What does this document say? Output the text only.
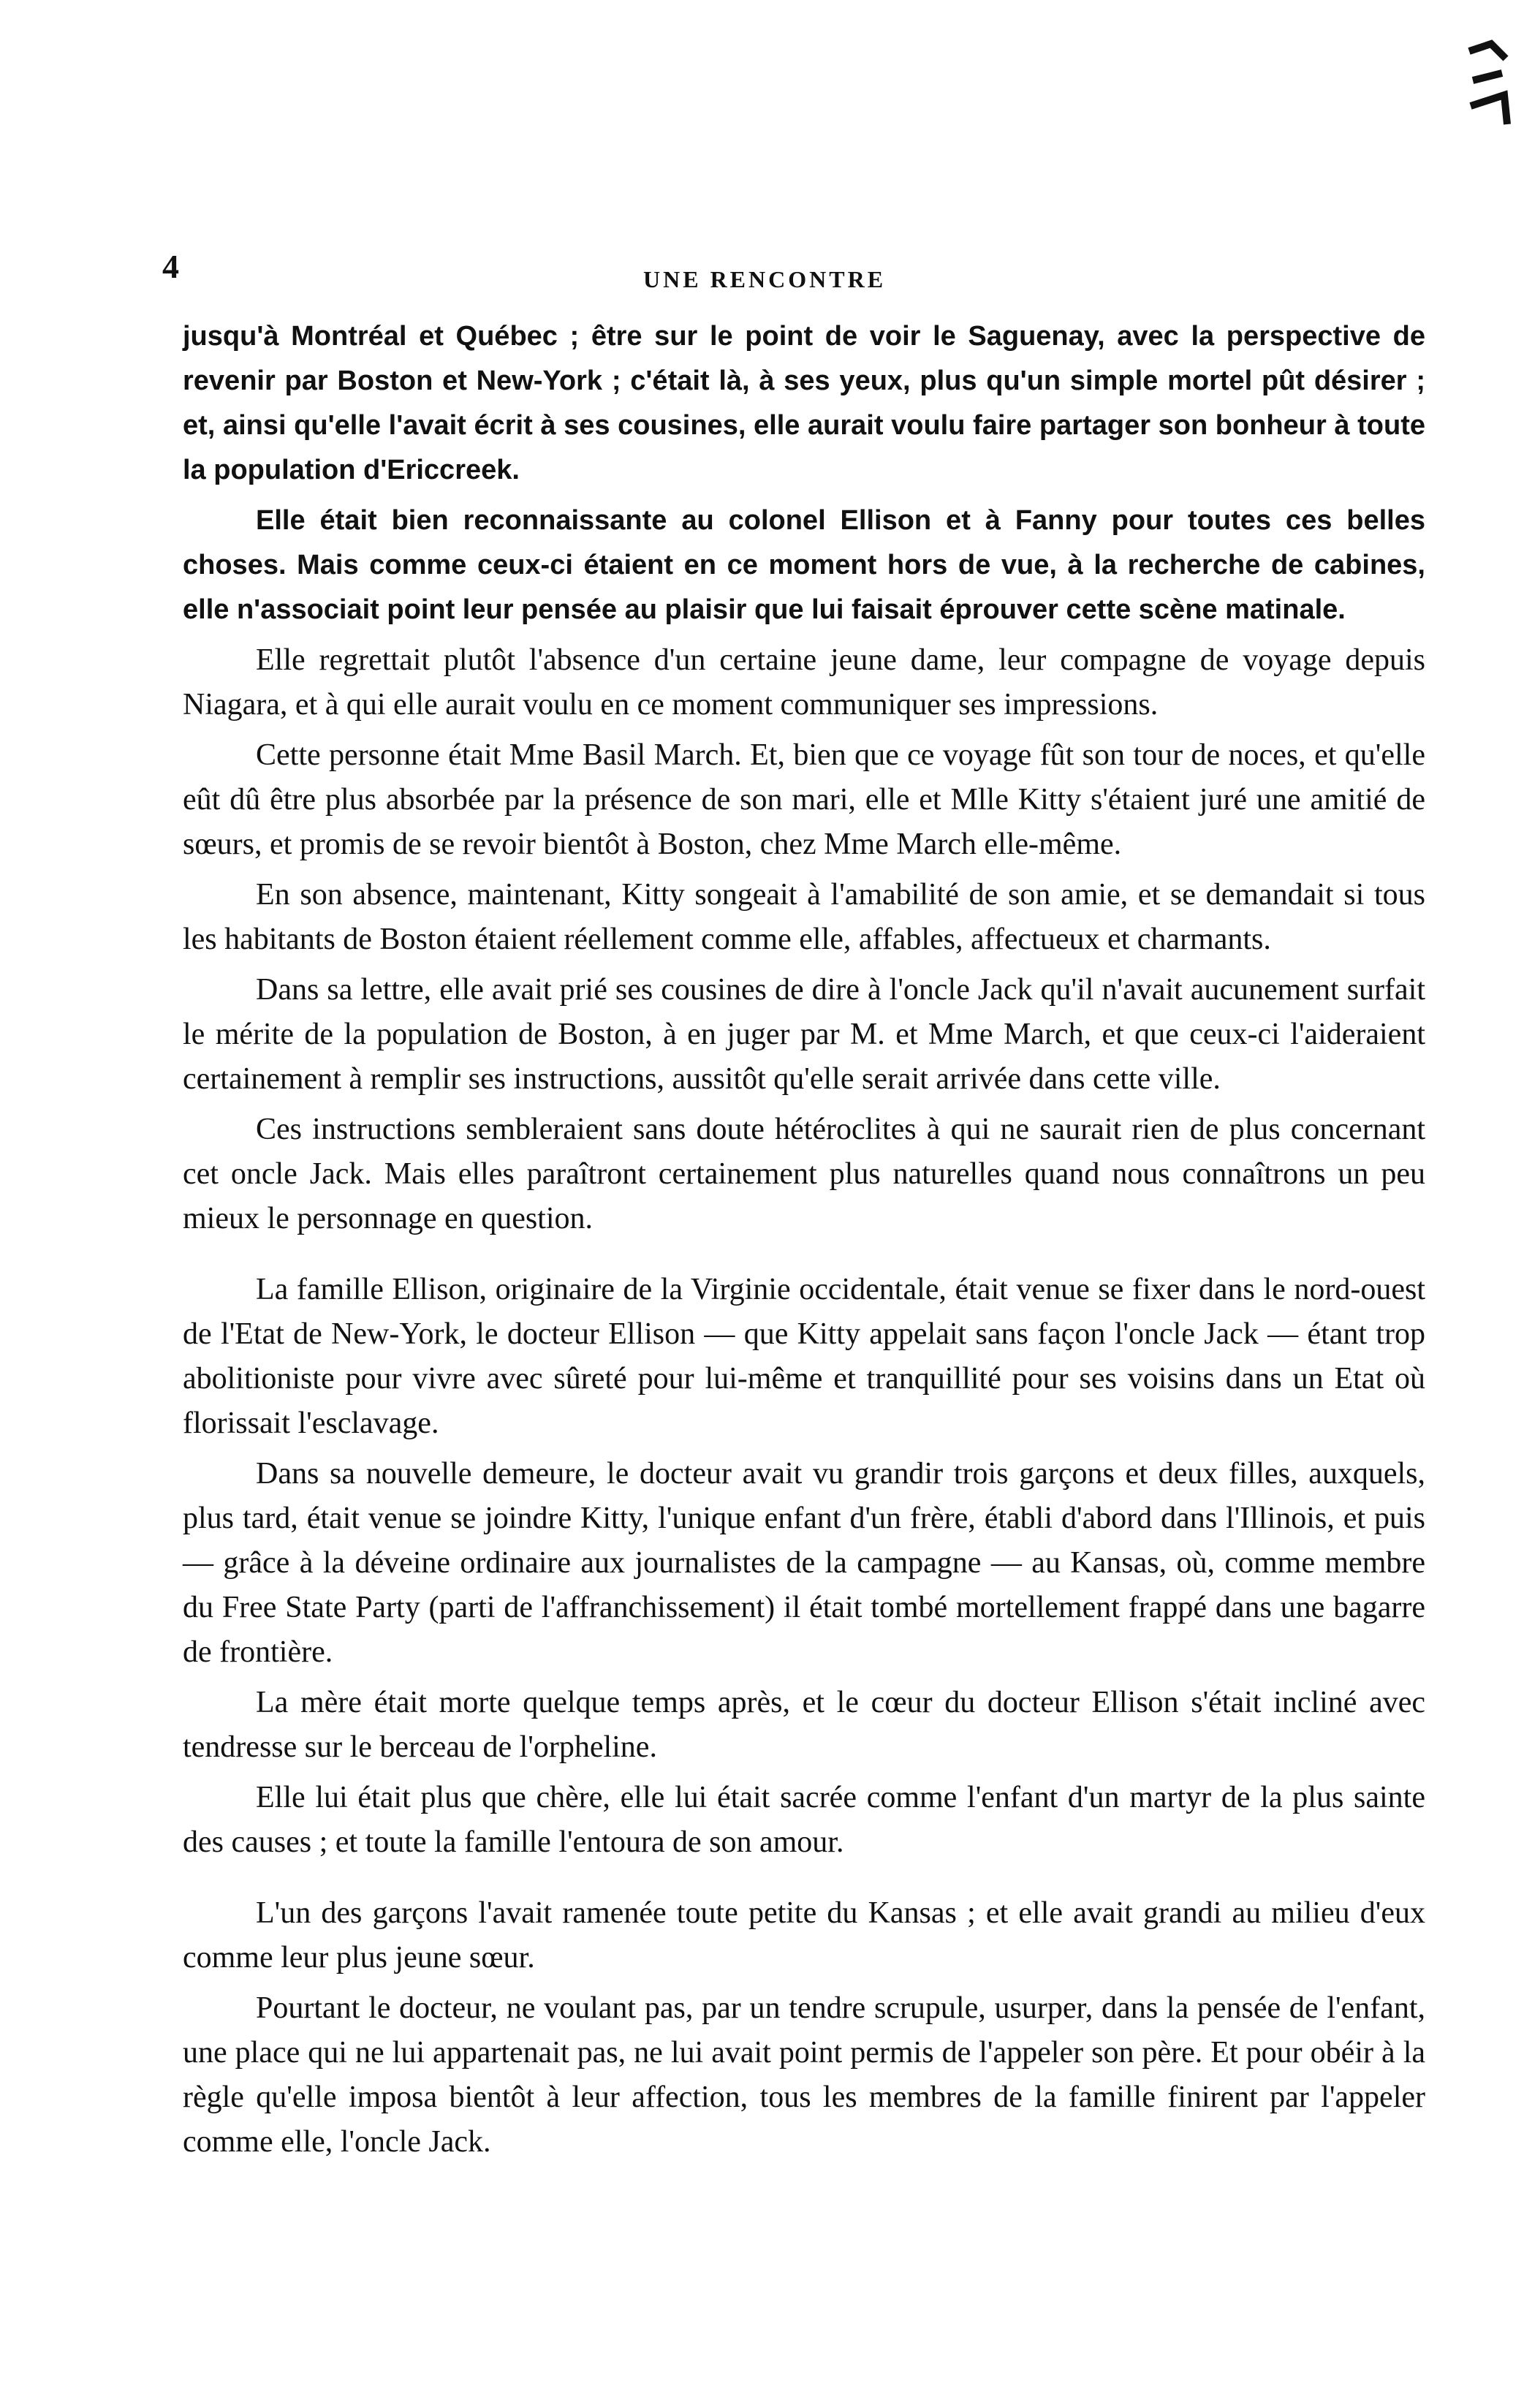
4	UNE RENCONTRE

jusqu'à Montréal et Québec ; être sur le point de voir le Saguenay, avec la perspective de revenir par Boston et New-York ; c'était là, à ses yeux, plus qu'un simple mortel pût désirer ; et, ainsi qu'elle l'avait écrit à ses cousines, elle aurait voulu faire partager son bonheur à toute la population d'Ericcreek.

Elle était bien reconnaissante au colonel Ellison et à Fanny pour toutes ces belles choses. Mais comme ceux-ci étaient en ce moment hors de vue, à la recherche de cabines, elle n'associait point leur pensée au plaisir que lui faisait éprouver cette scène matinale.

Elle regrettait plutôt l'absence d'un certaine jeune dame, leur compagne de voyage depuis Niagara, et à qui elle aurait voulu en ce moment communiquer ses impressions.

Cette personne était Mme Basil March. Et, bien que ce voyage fût son tour de noces, et qu'elle eût dû être plus absorbée par la présence de son mari, elle et Mlle Kitty s'étaient juré une amitié de sœurs, et promis de se revoir bientôt à Boston, chez Mme March elle-même.

En son absence, maintenant, Kitty songeait à l'amabilité de son amie, et se demandait si tous les habitants de Boston étaient réellement comme elle, affables, affectueux et charmants.

Dans sa lettre, elle avait prié ses cousines de dire à l'oncle Jack qu'il n'avait aucunement surfait le mérite de la population de Boston, à en juger par M. et Mme March, et que ceux-ci l'aideraient certainement à remplir ses instructions, aussitôt qu'elle serait arrivée dans cette ville.

Ces instructions sembleraient sans doute hétéroclites à qui ne saurait rien de plus concernant cet oncle Jack. Mais elles paraîtront certainement plus naturelles quand nous connaîtrons un peu mieux le personnage en question.

La famille Ellison, originaire de la Virginie occidentale, était venue se fixer dans le nord-ouest de l'Etat de New-York, le docteur Ellison — que Kitty appelait sans façon l'oncle Jack — étant trop abolitioniste pour vivre avec sûreté pour lui-même et tranquillité pour ses voisins dans un Etat où florissait l'esclavage.

Dans sa nouvelle demeure, le docteur avait vu grandir trois garçons et deux filles, auxquels, plus tard, était venue se joindre Kitty, l'unique enfant d'un frère, établi d'abord dans l'Illinois, et puis — grâce à la déveine ordinaire aux journalistes de la campagne — au Kansas, où, comme membre du Free State Party (parti de l'affranchissement) il était tombé mortellement frappé dans une bagarre de frontière.

La mère était morte quelque temps après, et le cœur du docteur Ellison s'était incliné avec tendresse sur le berceau de l'orpheline.

Elle lui était plus que chère, elle lui était sacrée comme l'enfant d'un martyr de la plus sainte des causes ; et toute la famille l'entoura de son amour.

L'un des garçons l'avait ramenée toute petite du Kansas ; et elle avait grandi au milieu d'eux comme leur plus jeune sœur.

Pourtant le docteur, ne voulant pas, par un tendre scrupule, usurper, dans la pensée de l'enfant, une place qui ne lui appartenait pas, ne lui avait point permis de l'appeler son père. Et pour obéir à la règle qu'elle imposa bientôt à leur affection, tous les membres de la famille finirent par l'appeler comme elle, l'oncle Jack.
